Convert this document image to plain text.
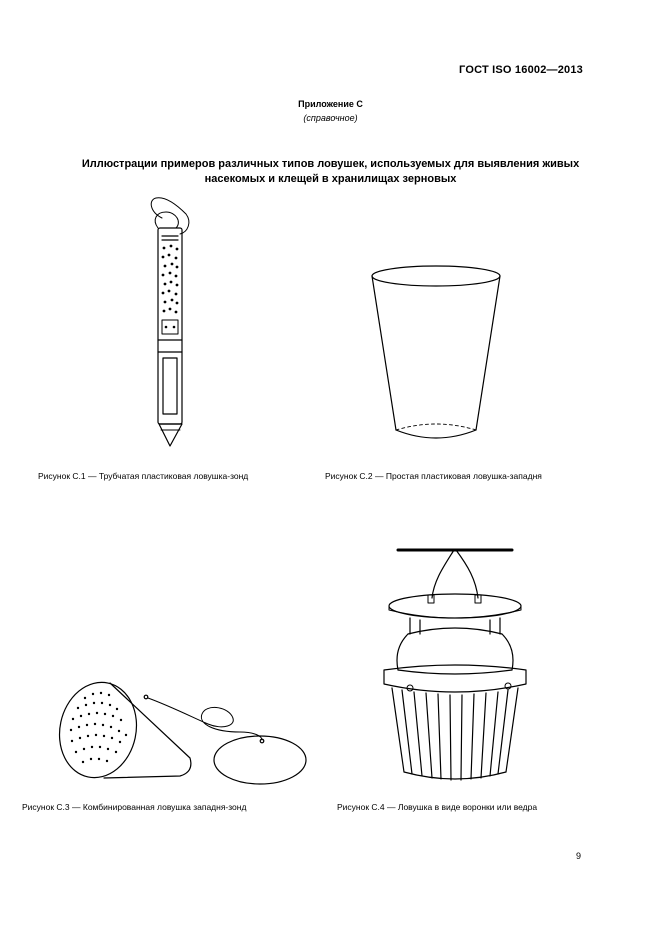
ГОСТ ISO 16002—2013
Приложение C
(справочное)
Иллюстрации примеров различных типов ловушек, используемых для выявления живых
насекомых и клещей в хранилищах зерновых
Рисунок C.1 — Трубчатая пластиковая ловушка-зонд	Рисунок C.2 — Простая пластиковая ловушка-западня
Рисунок C.3 — Комбинированная ловушка западня-зонд	Рисунок C.4 — Ловушка в виде воронки или ведра
9
